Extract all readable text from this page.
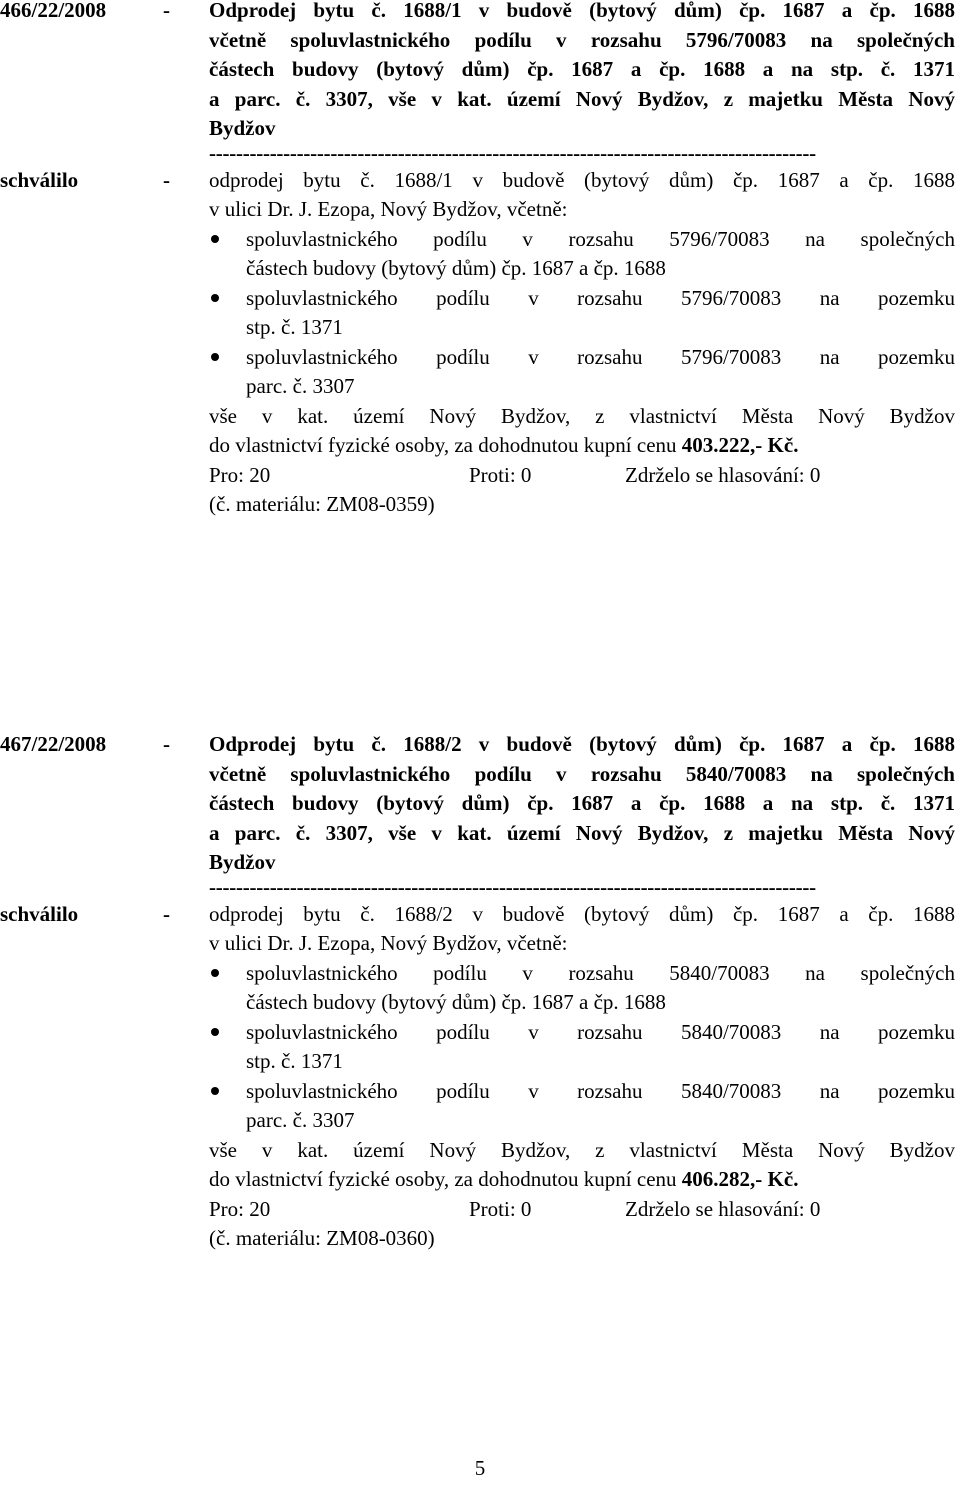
466/22/2008	- Odprodej bytu č. 1688/1 v budově (bytový dům) čp. 1687 a čp. 1688
včetně spoluvlastnického podílu v rozsahu 5796/70083 na společných
částech budovy (bytový dům) čp. 1687 a čp. 1688 a na stp. č. 1371
a parc. č. 3307, vše v kat. území Nový Bydžov, z majetku Města Nový
Bydžov
------------------------------------------------------------------------------------------
schválilo	- odprodej bytu č. 1688/1 v budově (bytový dům) čp. 1687 a čp. 1688
v ulici Dr. J. Ezopa, Nový Bydžov, včetně:
spoluvlastnického podílu v rozsahu 5796/70083 na společných
částech budovy (bytový dům) čp. 1687 a čp. 1688
spoluvlastnického podílu v rozsahu 5796/70083 na pozemku
stp. č. 1371
spoluvlastnického podílu v rozsahu 5796/70083 na pozemku
parc. č. 3307
vše v kat. území Nový Bydžov, z vlastnictví Města Nový Bydžov
do vlastnictví fyzické osoby, za dohodnutou kupní cenu 403.222,- Kč.
Pro: 20	Proti: 0	Zdrželo se hlasování: 0
(č. materiálu: ZM08-0359)
467/22/2008	- Odprodej bytu č. 1688/2 v budově (bytový dům) čp. 1687 a čp. 1688
včetně spoluvlastnického podílu v rozsahu 5840/70083 na společných
částech budovy (bytový dům) čp. 1687 a čp. 1688 a na stp. č. 1371
a parc. č. 3307, vše v kat. území Nový Bydžov, z majetku Města Nový
Bydžov
------------------------------------------------------------------------------------------
schválilo	- odprodej bytu č. 1688/2 v budově (bytový dům) čp. 1687 a čp. 1688
v ulici Dr. J. Ezopa, Nový Bydžov, včetně:
spoluvlastnického podílu v rozsahu 5840/70083 na společných
částech budovy (bytový dům) čp. 1687 a čp. 1688
spoluvlastnického podílu v rozsahu 5840/70083 na pozemku
stp. č. 1371
spoluvlastnického podílu v rozsahu 5840/70083 na pozemku
parc. č. 3307
vše v kat. území Nový Bydžov, z vlastnictví Města Nový Bydžov
do vlastnictví fyzické osoby, za dohodnutou kupní cenu 406.282,- Kč.
Pro: 20	Proti: 0	Zdrželo se hlasování: 0
(č. materiálu: ZM08-0360)
5
